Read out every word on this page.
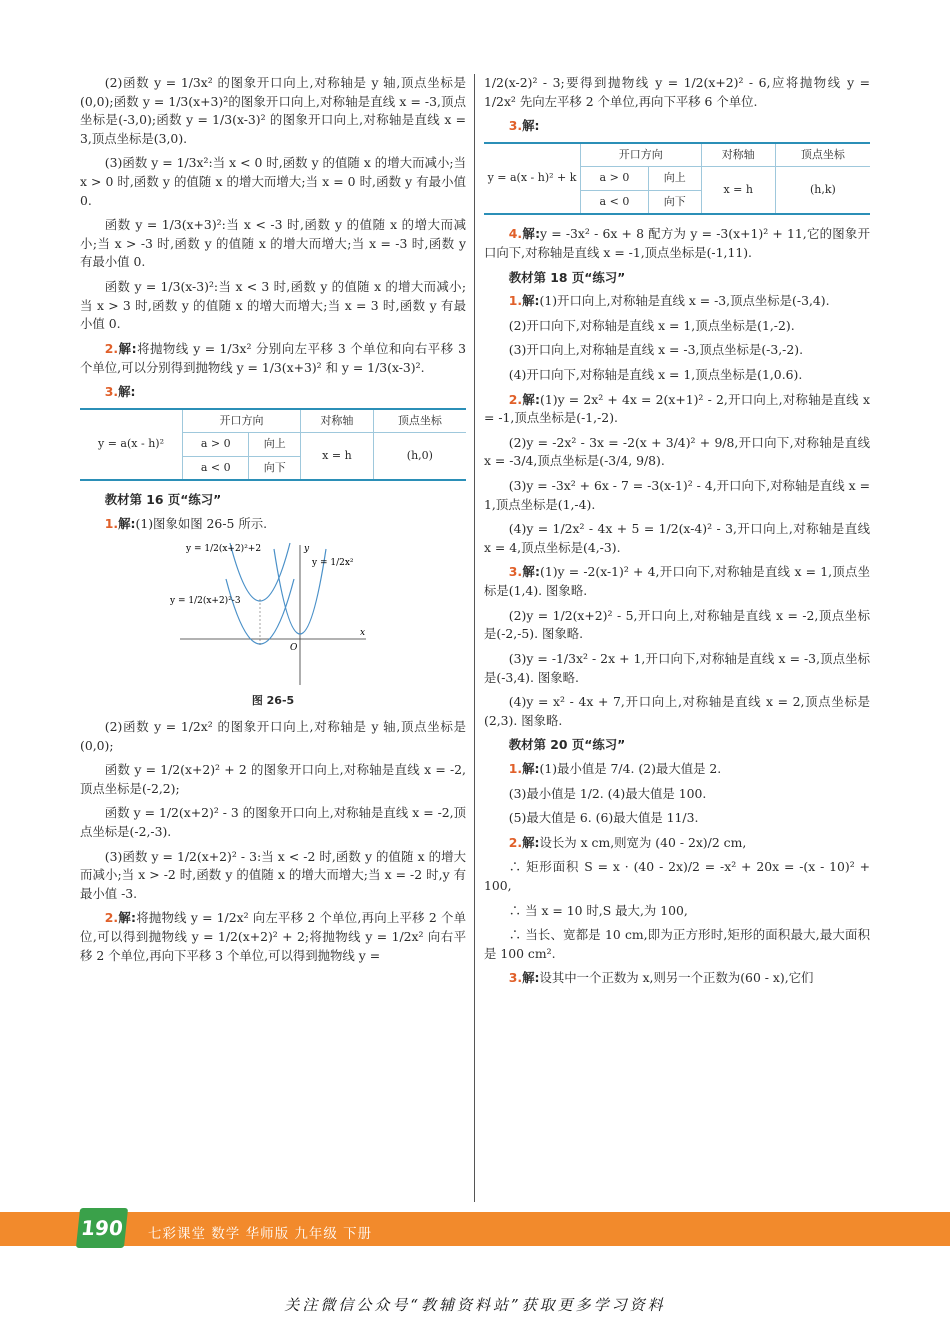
(2)函数 y = 1/3x² 的图象开口向上,对称轴是 y 轴,顶点坐标是(0,0);函数 y = 1/3(x+3)²的图象开口向上,对称轴是直线 x = -3,顶点坐标是(-3,0);函数 y = 1/3(x-3)² 的图象开口向上,对称轴是直线 x = 3,顶点坐标是(3,0).

(3)函数 y = 1/3x²:当 x < 0 时,函数 y 的值随 x 的增大而减小;当 x > 0 时,函数 y 的值随 x 的增大而增大;当 x = 0 时,函数 y 有最小值 0.

函数 y = 1/3(x+3)²:当 x < -3 时,函数 y 的值随 x 的增大而减小;当 x > -3 时,函数 y 的值随 x 的增大而增大;当 x = -3 时,函数 y 有最小值 0.

函数 y = 1/3(x-3)²:当 x < 3 时,函数 y 的值随 x 的增大而减小;当 x > 3 时,函数 y 的值随 x 的增大而增大;当 x = 3 时,函数 y 有最小值 0.

2.解:将抛物线 y = 1/3x² 分别向左平移 3 个单位和向右平移 3 个单位,可以分别得到抛物线 y = 1/3(x+3)² 和 y = 1/3(x-3)².

3.解:

y = a(x - h)²	开口方向		对称轴	顶点坐标
	a > 0	向上	x = h	(h,0)
	a < 0	向下		
教材第 16 页“练习”

1.解:(1)图象如图 26-5 所示.

y = 1/2(x+2)²+2
y = 1/2x²
y = 1/2(x+2)²-3
x
y
O
图 26-5

(2)函数 y = 1/2x² 的图象开口向上,对称轴是 y 轴,顶点坐标是(0,0);

函数 y = 1/2(x+2)² + 2 的图象开口向上,对称轴是直线 x = -2,顶点坐标是(-2,2);

函数 y = 1/2(x+2)² - 3 的图象开口向上,对称轴是直线 x = -2,顶点坐标是(-2,-3).

(3)函数 y = 1/2(x+2)² - 3:当 x < -2 时,函数 y 的值随 x 的增大而减小;当 x > -2 时,函数 y 的值随 x 的增大而增大;当 x = -2 时,y 有最小值 -3.

2.解:将抛物线 y = 1/2x² 向左平移 2 个单位,再向上平移 2 个单位,可以得到抛物线 y = 1/2(x+2)² + 2;将抛物线 y = 1/2x² 向右平移 2 个单位,再向下平移 3 个单位,可以得到抛物线 y =

1/2(x-2)² - 3;要得到抛物线 y = 1/2(x+2)² - 6,应将抛物线 y = 1/2x² 先向左平移 2 个单位,再向下平移 6 个单位.

3.解:

y = a(x - h)² + k	开口方向		对称轴	顶点坐标
	a > 0	向上	x = h	(h,k)
	a < 0	向下		

4.解:y = -3x² - 6x + 8 配方为 y = -3(x+1)² + 11,它的图象开口向下,对称轴是直线 x = -1,顶点坐标是(-1,11).

教材第 18 页“练习”

1.解:(1)开口向上,对称轴是直线 x = -3,顶点坐标是(-3,4).

(2)开口向下,对称轴是直线 x = 1,顶点坐标是(1,-2).

(3)开口向上,对称轴是直线 x = -3,顶点坐标是(-3,-2).

(4)开口向下,对称轴是直线 x = 1,顶点坐标是(1,0.6).

2.解:(1)y = 2x² + 4x = 2(x+1)² - 2,开口向上,对称轴是直线 x = -1,顶点坐标是(-1,-2).

(2)y = -2x² - 3x = -2(x + 3/4)² + 9/8,开口向下,对称轴是直线 x = -3/4,顶点坐标是(-3/4, 9/8).

(3)y = -3x² + 6x - 7 = -3(x-1)² - 4,开口向下,对称轴是直线 x = 1,顶点坐标是(1,-4).

(4)y = 1/2x² - 4x + 5 = 1/2(x-4)² - 3,开口向上,对称轴是直线 x = 4,顶点坐标是(4,-3).

3.解:(1)y = -2(x-1)² + 4,开口向下,对称轴是直线 x = 1,顶点坐标是(1,4). 图象略.

(2)y = 1/2(x+2)² - 5,开口向上,对称轴是直线 x = -2,顶点坐标是(-2,-5). 图象略.

(3)y = -1/3x² - 2x + 1,开口向下,对称轴是直线 x = -3,顶点坐标是(-3,4). 图象略.

(4)y = x² - 4x + 7,开口向上,对称轴是直线 x = 2,顶点坐标是(2,3). 图象略.

教材第 20 页“练习”

1.解:(1)最小值是 7/4. (2)最大值是 2.

(3)最小值是 1/2. (4)最大值是 100.

(5)最大值是 6. (6)最大值是 11/3.

2.解:设长为 x cm,则宽为 (40 - 2x)/2 cm,

∴ 矩形面积 S = x · (40 - 2x)/2 = -x² + 20x = -(x - 10)² + 100,

∴ 当 x = 10 时,S 最大,为 100,

∴ 当长、宽都是 10 cm,即为正方形时,矩形的面积最大,最大面积是 100 cm².

3.解:设其中一个正数为 x,则另一个正数为(60 - x),它们

190 七彩课堂 数学 华师版 九年级 下册
关注微信公众号“教辅资料站”获取更多学习资料
